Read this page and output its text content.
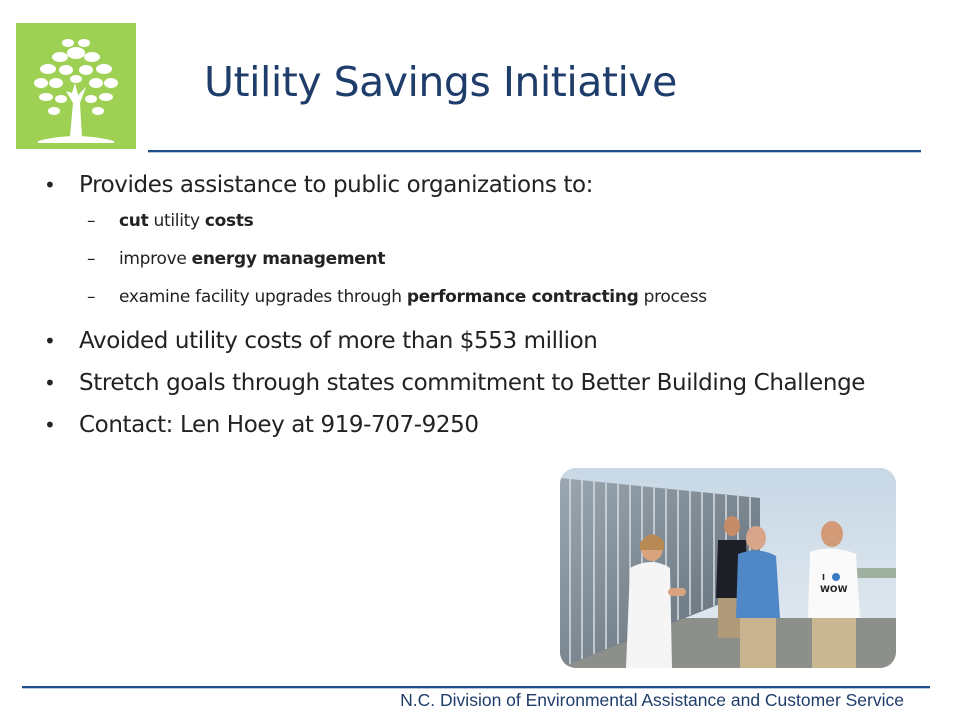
Utility Savings Initiative
• Provides assistance to public organizations to:
– cut utility costs
– improve energy management
– examine facility upgrades through performance contracting process
• Avoided utility costs of more than $553 million
• Stretch goals through states commitment to Better Building Challenge
• Contact: Len Hoey at 919-707-9250
I
WOW
N.C. Division of Environmental Assistance and Customer Service
